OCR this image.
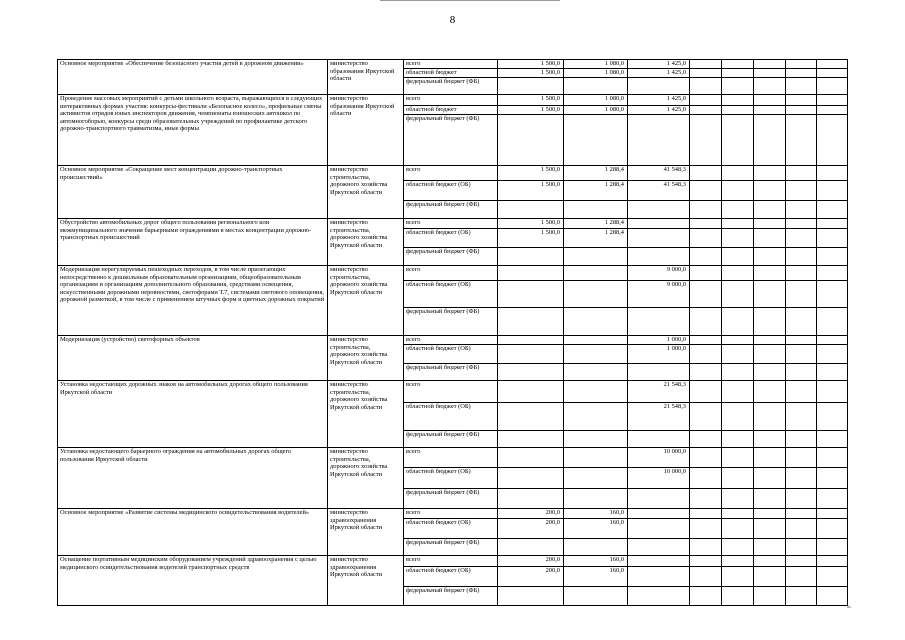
8
Основное мероприятие «Обеспечение безопасного участия детей в дорожном движении»	министерство образования Иркутской области	всего	1 500,0	1 080,0	1 425,0					
		областной бюджет	1 500,0	1 080,0	1 425,0					
		федеральный бюджет (ФБ)								
Проведение массовых мероприятий с детьми школьного возраста, выражающихся в следующих интерактивных формах участия: конкурсы-фестивали «Безопасное колесо», профильные смены активистов отрядов юных инспекторов движения, чемпионаты юношеских автошкол по автомногоборью, конкурсы среди образовательных учреждений по профилактике детского дорожно-транспортного травматизма, иные формы	министерство образования Иркутской области	всего	1 500,0	1 080,0	1 425,0					
		областной бюджет	1 500,0	1 080,0	1 425,0					
		федеральный бюджет (ФБ)								
Основное мероприятие «Сокращение мест концентрации дорожно-транспортных происшествий»	министерство строительства, дорожного хозяйства Иркутской области	всего	1 500,0	1 288,4	41 548,3					
		областной бюджет (ОБ)	1 500,0	1 288,4	41 548,3					
		федеральный бюджет (ФБ)								
Обустройство автомобильных дорог общего пользования регионального или межмуниципального значения барьерными ограждениями в местах концентрации дорожно-транспортных происшествий	министерство строительства, дорожного хозяйства Иркутской области	всего	1 500,0	1 288,4						
		областной бюджет (ОБ)	1 500,0	1 288,4						
		федеральный бюджет (ФБ)								
Модернизация нерегулируемых пешеходных переходов, в том числе прилегающих непосредственно к дошкольным образовательным организациям, общеобразовательным организациям и организациям дополнительного образования, средствами освещения, искусственными дорожными неровностями, светофорами Т.7, системами светового оповещения, дорожной разметкой, в том числе с применением штучных форм и цветных дорожных покрытий	министерство строительства, дорожного хозяйства Иркутской области	всего			9 000,0					
		областной бюджет (ОБ)			9 000,0					
		федеральный бюджет (ФБ)								
Модернизация (устройство) светофорных объектов	министерство строительства, дорожного хозяйства Иркутской области	всего			1 000,0					
		областной бюджет (ОБ)			1 000,0					
		федеральный бюджет (ФБ)								
Установка недостающих дорожных знаков на автомобильных дорогах общего пользования Иркутской области	министерство строительства, дорожного хозяйства Иркутской области	всего			21 548,3					
		областной бюджет (ОБ)			21 548,3					
		федеральный бюджет (ФБ)								
Установка недостающего барьерного ограждения на автомобильных дорогах общего пользования Иркутской области	министерство строительства, дорожного хозяйства Иркутской области	всего			10 000,0					
		областной бюджет (ОБ)			10 000,0					
		федеральный бюджет (ФБ)								
Основное мероприятие «Развитие системы медицинского освидетельствования водителей»	министерство здравоохранения Иркутской области	всего	200,0	160,0						
		областной бюджет (ОБ)	200,0	160,0						
		федеральный бюджет (ФБ)								
Оснащение портативным медицинским оборудованием учреждений здравоохранения с целью медицинского освидетельствования водителей транспортных средств	министерство здравоохранения Иркутской области	всего	200,0	160,0						
		областной бюджет (ОБ)	200,0	160,0						
		федеральный бюджет (ФБ)								
».
